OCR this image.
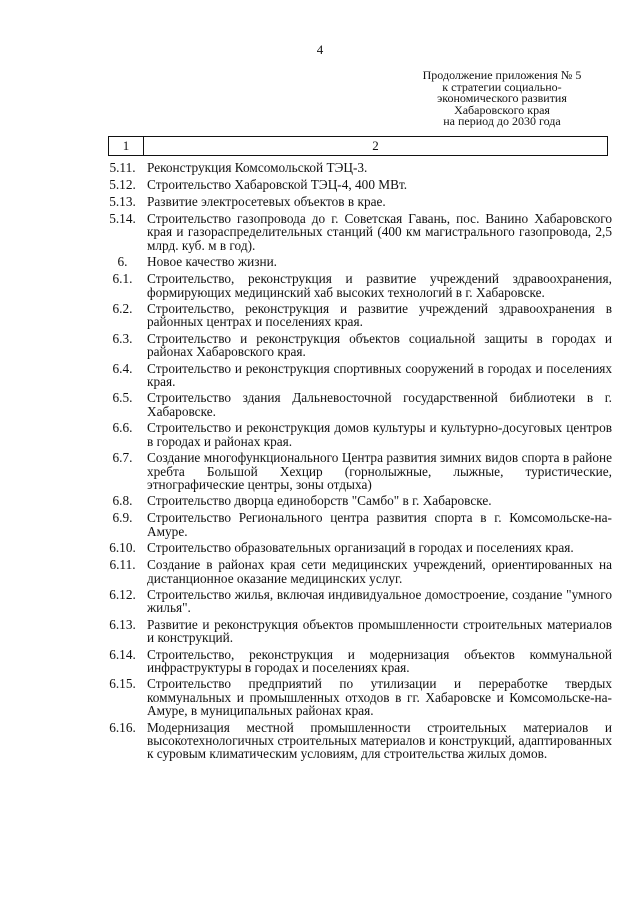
4
Продолжение приложения № 5
к стратегии социально-
экономического развития
Хабаровского края
на период до 2030 года
1	2
5.11. Реконструкция Комсомольской ТЭЦ-3.
5.12. Строительство Хабаровской ТЭЦ-4, 400 МВт.
5.13. Развитие электросетевых объектов в крае.
5.14. Строительство газопровода до г. Советская Гавань, пос. Ванино Хабаровского края и газораспределительных станций (400 км магистрального газопровода, 2,5 млрд. куб. м в год).
6.	Новое качество жизни.
6.1.	Строительство, реконструкция и развитие учреждений здравоохранения, формирующих медицинский хаб высоких технологий в г. Хабаровске.
6.2.	Строительство, реконструкция и развитие учреждений здравоохранения в районных центрах и поселениях края.
6.3.	Строительство и реконструкция объектов социальной защиты в городах и районах Хабаровского края.
6.4.	Строительство и реконструкция спортивных сооружений в городах и поселениях края.
6.5.	Строительство здания Дальневосточной государственной библиотеки в г. Хабаровске.
6.6.	Строительство и реконструкция домов культуры и культурно-досуговых центров в городах и районах края.
6.7.	Создание многофункционального Центра развития зимних видов спорта в районе хребта Большой Хехцир (горнолыжные, лыжные, туристические, этнографические центры, зоны отдыха)
6.8.	Строительство дворца единоборств "Самбо" в г. Хабаровске.
6.9.	Строительство Регионального центра развития спорта в г. Комсомольске-на-Амуре.
6.10. Строительство образовательных организаций в городах и поселениях края.
6.11. Создание в районах края сети медицинских учреждений, ориентированных на дистанционное оказание медицинских услуг.
6.12. Строительство жилья, включая индивидуальное домостроение, создание "умного жилья".
6.13. Развитие и реконструкция объектов промышленности строительных материалов и конструкций.
6.14. Строительство, реконструкция и модернизация объектов коммунальной инфраструктуры в городах и поселениях края.
6.15. Строительство предприятий по утилизации и переработке твердых коммунальных и промышленных отходов в гг. Хабаровске и Комсомольске-на-Амуре, в муниципальных районах края.
6.16. Модернизация местной промышленности строительных материалов и высокотехнологичных строительных материалов и конструкций, адаптированных к суровым климатическим условиям, для строительства жилых домов.
